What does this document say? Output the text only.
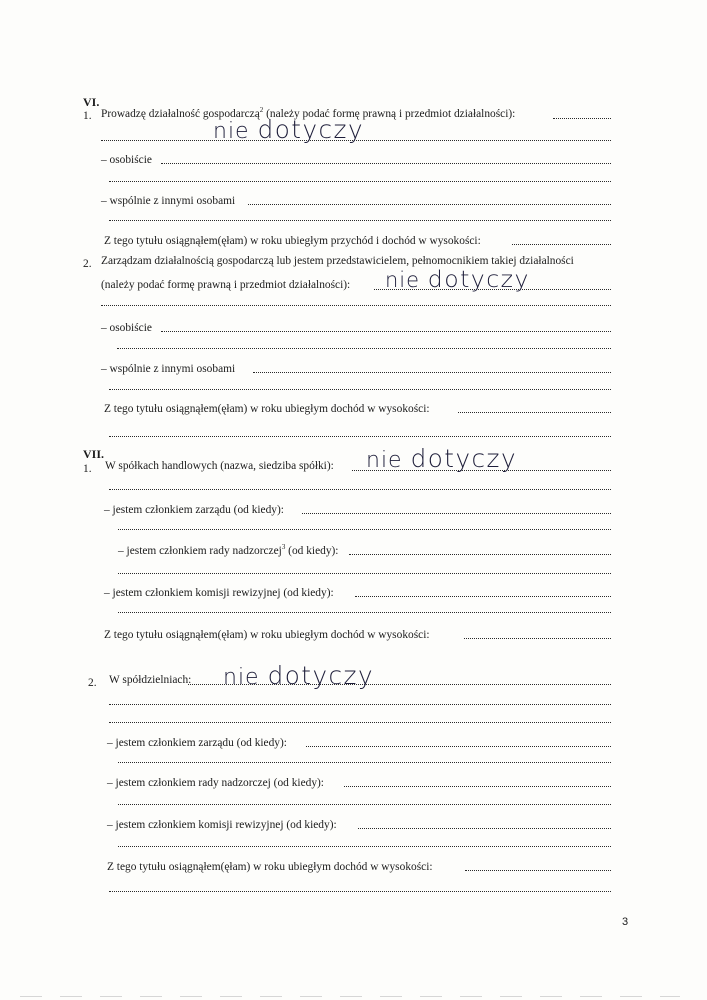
VI.
1. Prowadzę działalność gospodarczą$^2$ (należy podać formę prawną i przedmiot działalności):
nie dotyczy
– osobiście
– wspólnie z innymi osobami
Z tego tytułu osiągnąłem(ęłam) w roku ubiegłym przychód i dochód w wysokości:
2. Zarządzam działalnością gospodarczą lub jestem przedstawicielem, pełnomocnikiem takiej działalności
(należy podać formę prawną i przedmiot działalności): nie dotyczy
– osobiście
– wspólnie z innymi osobami
Z tego tytułu osiągnąłem(ęłam) w roku ubiegłym dochód w wysokości:
VII.
1. W spółkach handlowych (nazwa, siedziba spółki): nie dotyczy
– jestem członkiem zarządu (od kiedy):
– jestem członkiem rady nadzorczej$^3$ (od kiedy):
– jestem członkiem komisji rewizyjnej (od kiedy):
Z tego tytułu osiągnąłem(ęłam) w roku ubiegłym dochód w wysokości:
2. W spółdzielniach: nie dotyczy
– jestem członkiem zarządu (od kiedy):
– jestem członkiem rady nadzorczej (od kiedy):
– jestem członkiem komisji rewizyjnej (od kiedy):
Z tego tytułu osiągnąłem(ęłam) w roku ubiegłym dochód w wysokości:
3
